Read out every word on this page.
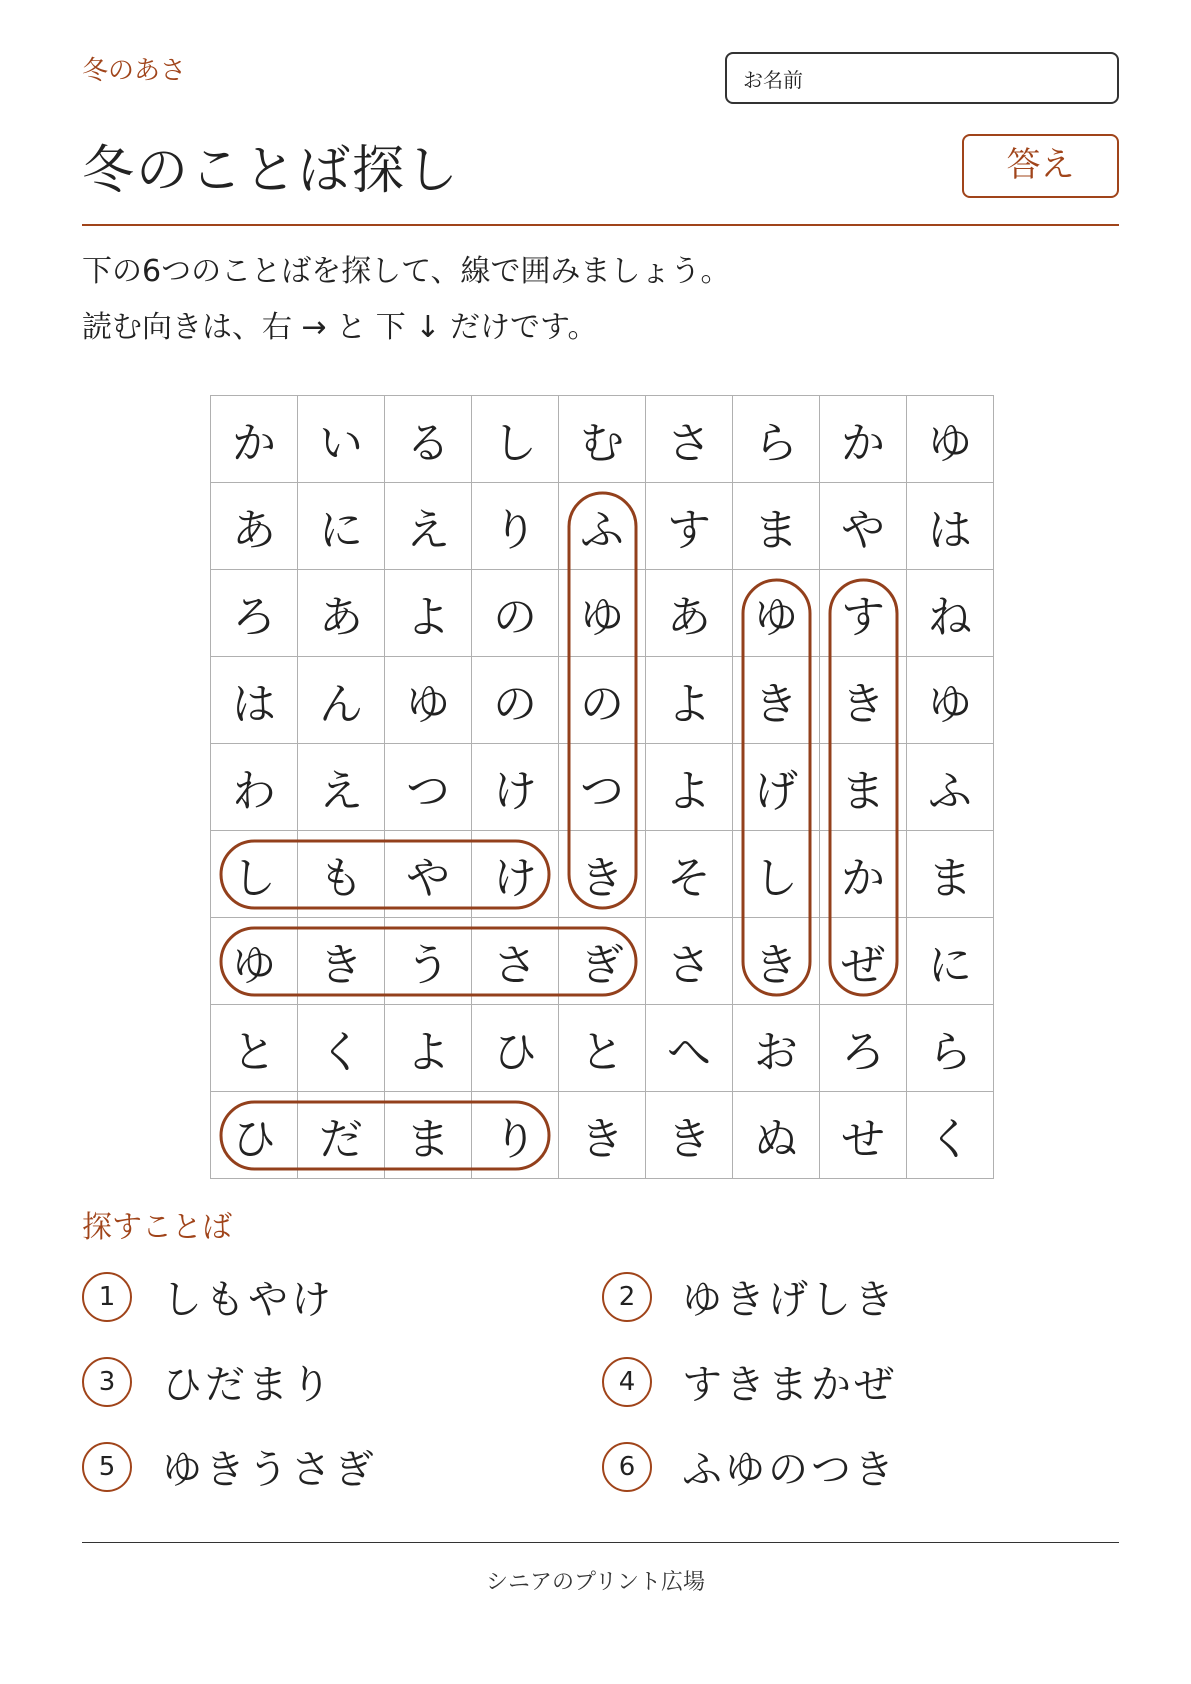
冬のあさ	お名前
冬のことば探し	答え
下の6つのことばを探して、線で囲みましょう。
読む向きは、右 → と 下 ↓ だけです。
か い る し む さ ら か ゆ
あ に え り ふ す ま や は
ろ あ よ の ゆ あ ゆ す ね
は ん ゆ の の よ き き ゆ
わ え つ け つ よ げ ま ふ
し も や け き そ し か ま
ゆ き う さ ぎ さ き ぜ に
と く よ ひ と へ お ろ ら
ひ だ ま り き き ぬ せ く
探すことば
1	しもやけ	2	ゆきげしき
3	ひだまり	4	すきまかぜ
5	ゆきうさぎ	6	ふゆのつき
シニアのプリント広場
